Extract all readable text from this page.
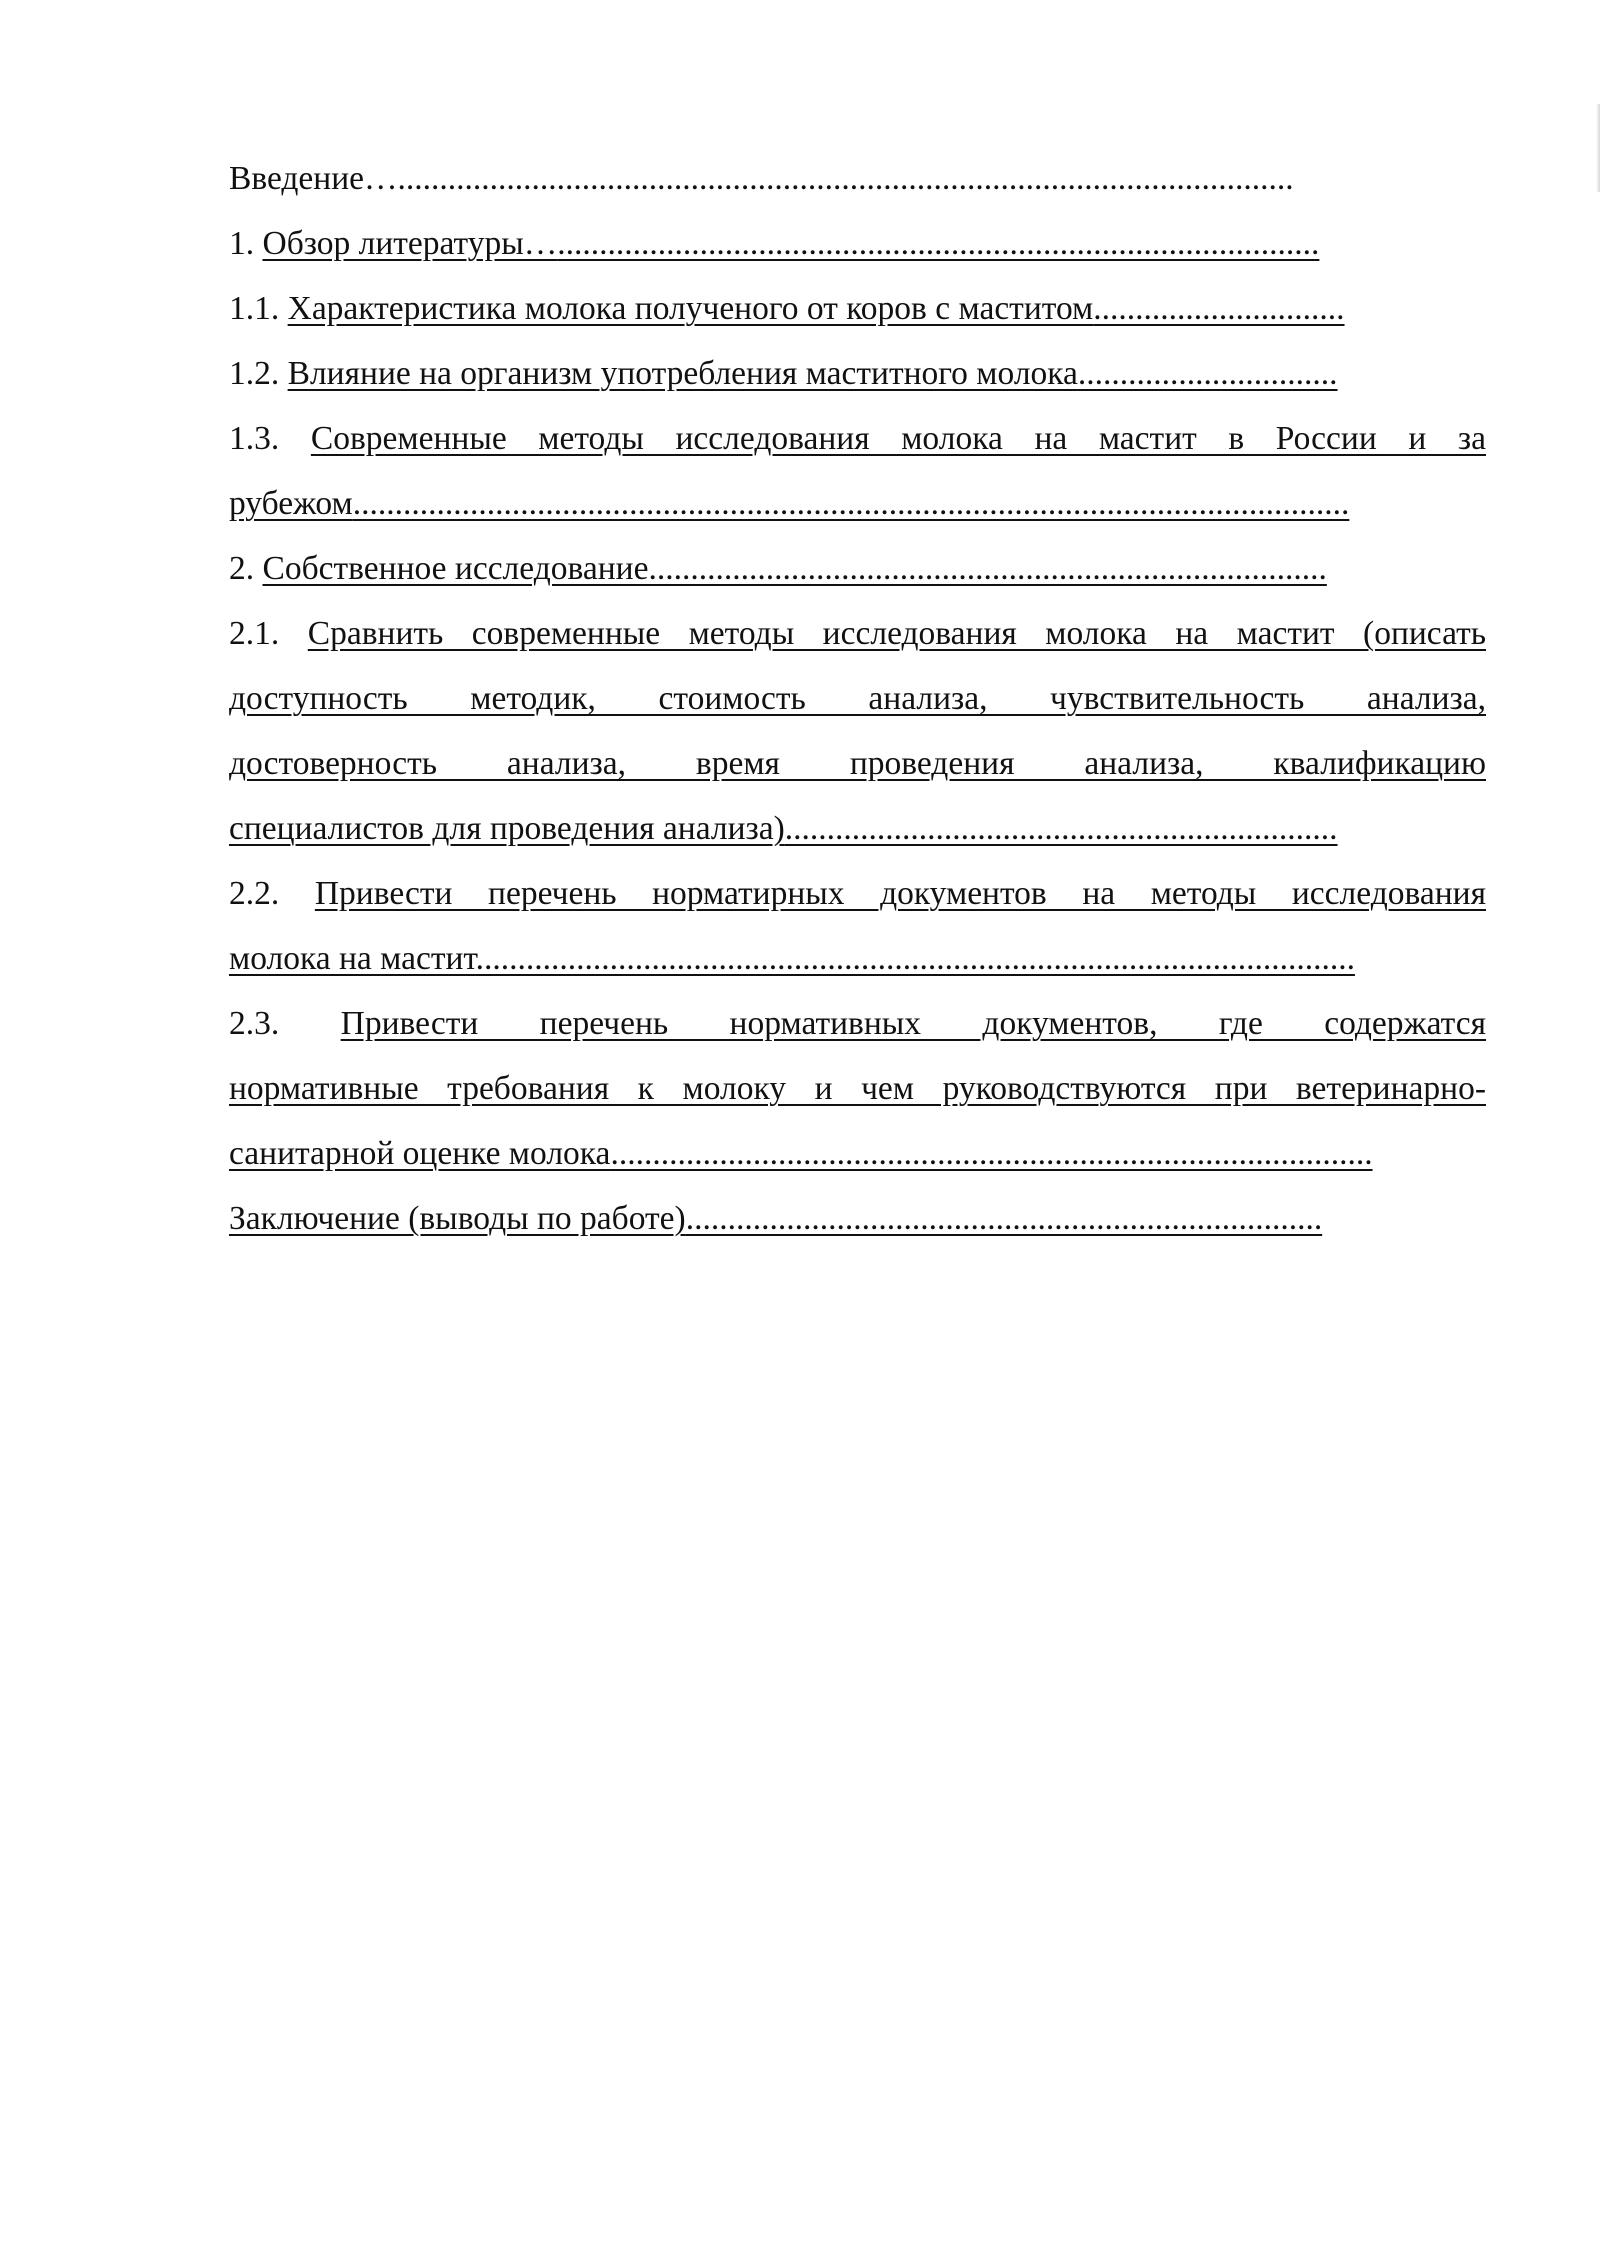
Введение…...........................................................................................................

1. Обзор литературы…...........................................................................................

1.1. Характеристика молока полученого от коров с маститом..............................

1.2. Влияние на организм употребления маститного молока...............................

1.3. Современные методы исследования молока на мастит в России и за

рубежом.......................................................................................................................

2. Собственное исследование.................................................................................

2.1. Сравнить современные методы исследования молока на мастит (описать

доступность методик, стоимость анализа, чувствительность анализа,

достоверность анализа, время проведения анализа, квалификацию

специалистов для проведения анализа)..................................................................

2.2. Привести перечень норматирных документов на методы исследования

молока на мастит.........................................................................................................

2.3. Привести перечень нормативных документов, где содержатся

нормативные требования к молоку и чем руководствуются при ветеринарно-

санитарной оценке молока...........................................................................................

Заключение (выводы по работе)............................................................................
